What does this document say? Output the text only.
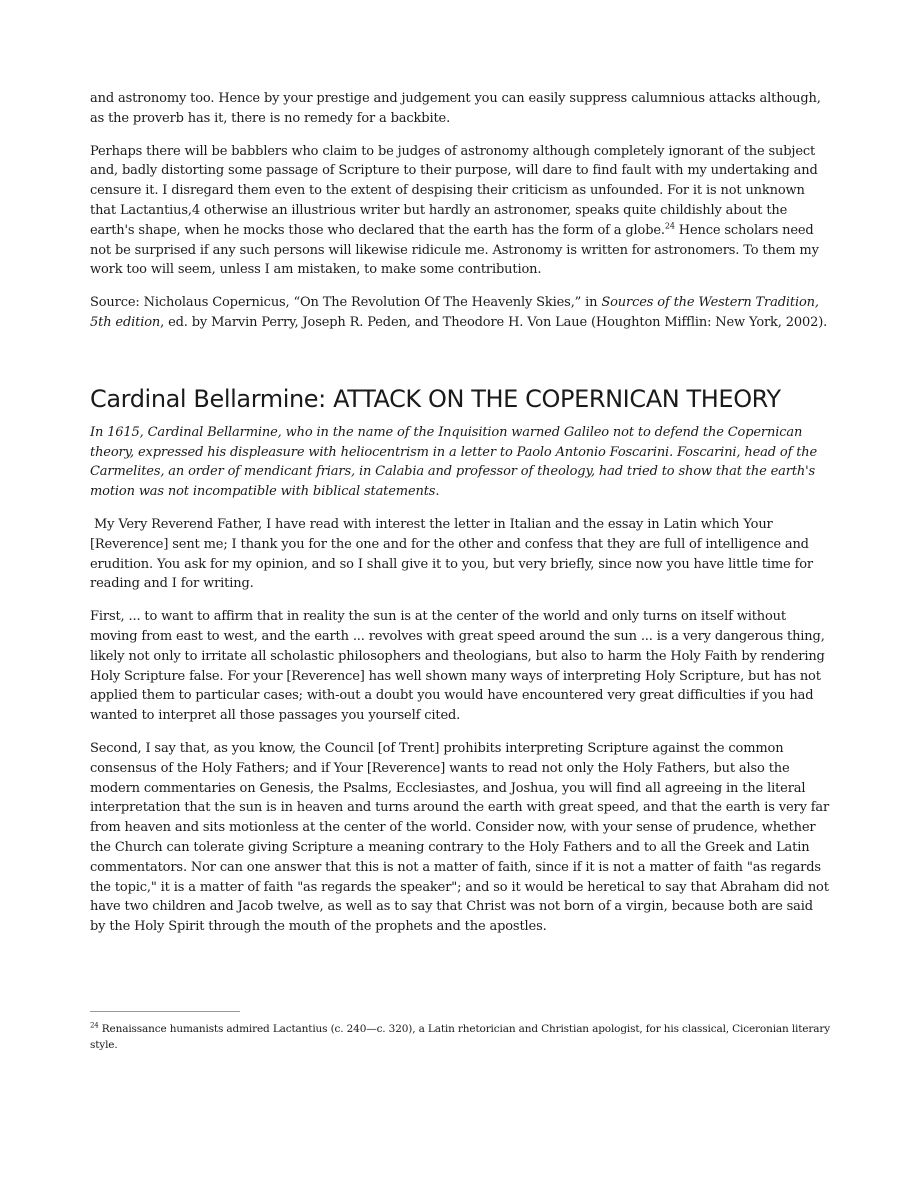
and astronomy too. Hence by your prestige and judgement you can easily suppress calumnious attacks although, as the proverb has it, there is no remedy for a backbite.

Perhaps there will be babblers who claim to be judges of astronomy although completely ignorant of the subject and, badly distorting some passage of Scripture to their purpose, will dare to find fault with my undertaking and censure it. I disregard them even to the extent of despising their criticism as unfounded. For it is not unknown that Lactantius,4 otherwise an illustrious writer but hardly an astronomer, speaks quite childishly about the earth's shape, when he mocks those who declared that the earth has the form of a globe.$^{24}$ Hence scholars need not be surprised if any such persons will likewise ridicule me. Astronomy is written for astronomers. To them my work too will seem, unless I am mistaken, to make some contribution.

Source: Nicholaus Copernicus, “On The Revolution Of The Heavenly Skies,” in Sources of the Western Tradition, 5th edition, ed. by Marvin Perry, Joseph R. Peden, and Theodore H. Von Laue (Houghton Mifflin: New York, 2002).

Cardinal Bellarmine: ATTACK ON THE COPERNICAN THEORY

In 1615, Cardinal Bellarmine, who in the name of the Inquisition warned Galileo not to defend the Copernican theory, expressed his displeasure with heliocentrism in a letter to Paolo Antonio Foscarini. Foscarini, head of the Carmelites, an order of mendicant friars, in Calabia and professor of theology, had tried to show that the earth's motion was not incompatible with biblical statements.

My Very Reverend Father, I have read with interest the letter in Italian and the essay in Latin which Your [Reverence] sent me; I thank you for the one and for the other and confess that they are full of intelligence and erudition. You ask for my opinion, and so I shall give it to you, but very briefly, since now you have little time for reading and I for writing.

First, ... to want to affirm that in reality the sun is at the center of the world and only turns on itself without moving from east to west, and the earth ... revolves with great speed around the sun ... is a very dangerous thing, likely not only to irritate all scholastic philosophers and theologians, but also to harm the Holy Faith by rendering Holy Scripture false. For your [Reverence] has well shown many ways of interpreting Holy Scripture, but has not applied them to particular cases; with-out a doubt you would have encountered very great difficulties if you had wanted to interpret all those passages you yourself cited.

Second, I say that, as you know, the Council [of Trent] prohibits interpreting Scripture against the common consensus of the Holy Fathers; and if Your [Reverence] wants to read not only the Holy Fathers, but also the modern commentaries on Genesis, the Psalms, Ecclesiastes, and Joshua, you will find all agreeing in the literal interpretation that the sun is in heaven and turns around the earth with great speed, and that the earth is very far from heaven and sits motionless at the center of the world. Consider now, with your sense of prudence, whether the Church can tolerate giving Scripture a meaning contrary to the Holy Fathers and to all the Greek and Latin commentators. Nor can one answer that this is not a matter of faith, since if it is not a matter of faith "as regards the topic," it is a matter of faith "as regards the speaker"; and so it would be heretical to say that Abraham did not have two children and Jacob twelve, as well as to say that Christ was not born of a virgin, because both are said by the Holy Spirit through the mouth of the prophets and the apostles.

$^{24}$ Renaissance humanists admired Lactantius (c. 240—c. 320), a Latin rhetorician and Christian apologist, for his classical, Ciceronian literary style.
